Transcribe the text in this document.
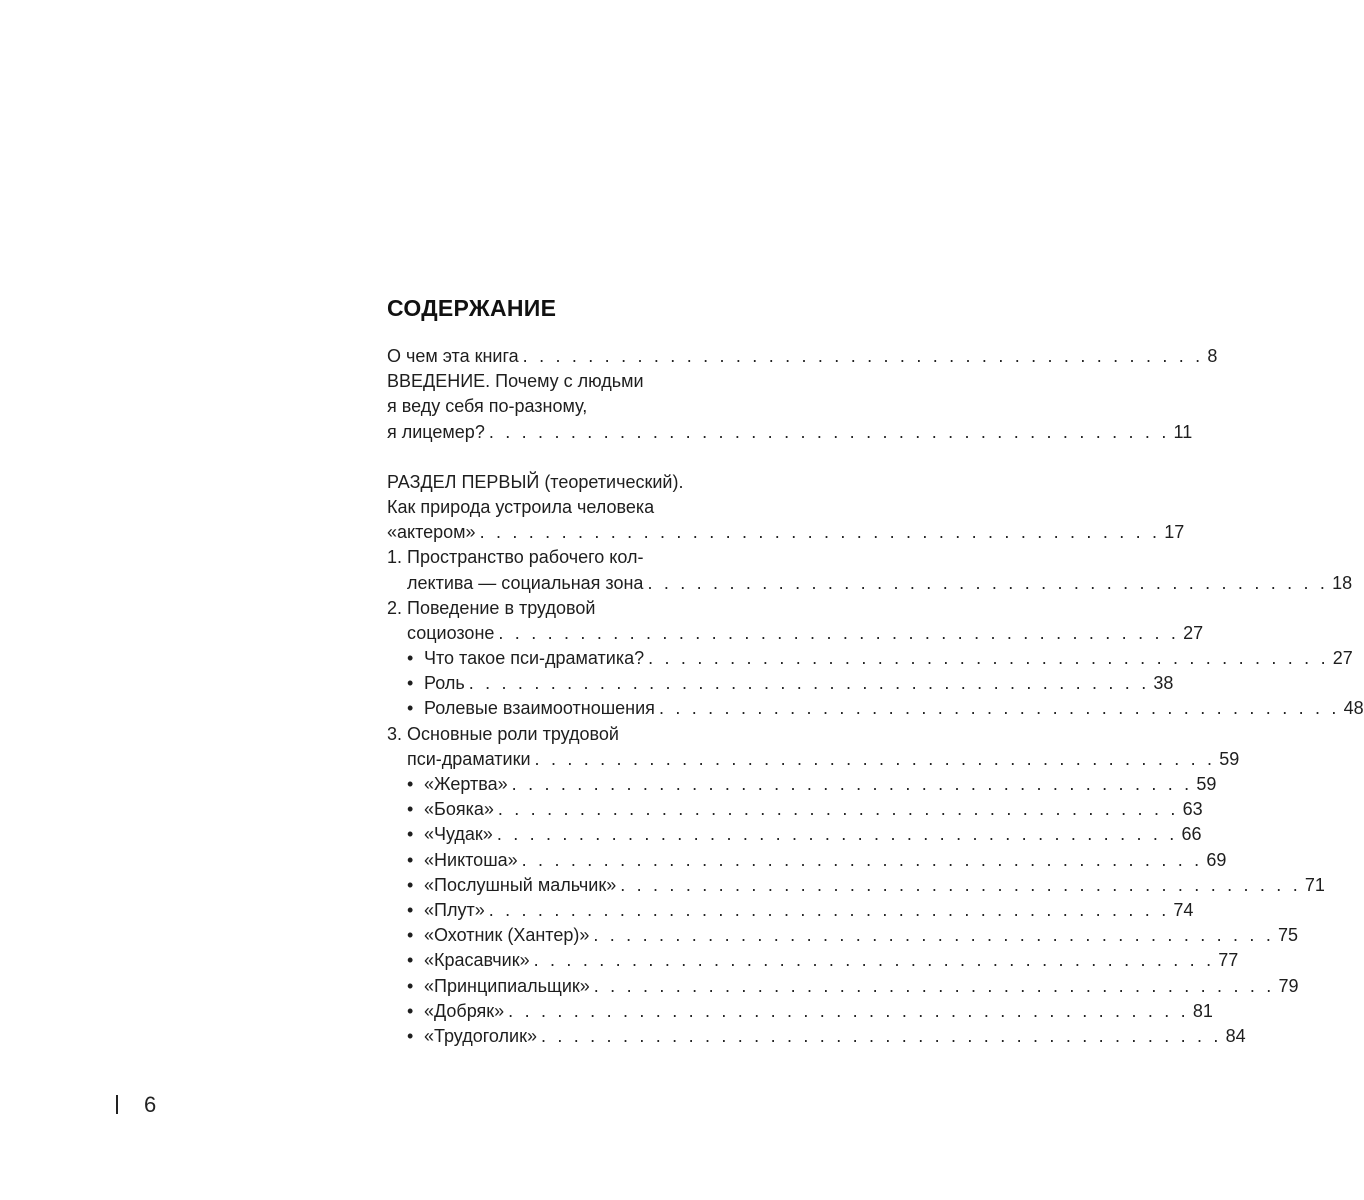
СОДЕРЖАНИЕ
О чем эта книга . . . . . . . . . . . . . . . . . . . . . . . . . . . . . . . . . . . . . . . . . . 8
ВВЕДЕНИЕ. Почему с людьми
я веду себя по-разному,
я лицемер? . . . . . . . . . . . . . . . . . . . . . . . . . . . . . . . . . . . . . . . . . . 11
РАЗДЕЛ ПЕРВЫЙ (теоретический).
Как природа устроила человека
«актером» . . . . . . . . . . . . . . . . . . . . . . . . . . . . . . . . . . . . . . . . . . 17
1. Пространство рабочего кол-
лектива — социальная зона . . . . . . . . . . . . . . . . . . . . . . . . . . . . . . . . . . . . . . . . . . 18
2. Поведение в трудовой
социозоне . . . . . . . . . . . . . . . . . . . . . . . . . . . . . . . . . . . . . . . . . . 27
• Что такое пси-драматика? . . . . . . . . . . . . . . . . . . . . . . . . . . . . . . . . . . . . . . . . . . 27
• Роль . . . . . . . . . . . . . . . . . . . . . . . . . . . . . . . . . . . . . . . . . . 38
• Ролевые взаимоотношения . . . . . . . . . . . . . . . . . . . . . . . . . . . . . . . . . . . . . . . . . . 48
3. Основные роли трудовой
пси-драматики . . . . . . . . . . . . . . . . . . . . . . . . . . . . . . . . . . . . . . . . . . 59
• «Жертва» . . . . . . . . . . . . . . . . . . . . . . . . . . . . . . . . . . . . . . . . . . 59
• «Бояка» . . . . . . . . . . . . . . . . . . . . . . . . . . . . . . . . . . . . . . . . . . 63
• «Чудак» . . . . . . . . . . . . . . . . . . . . . . . . . . . . . . . . . . . . . . . . . . 66
• «Никтоша» . . . . . . . . . . . . . . . . . . . . . . . . . . . . . . . . . . . . . . . . . . 69
• «Послушный мальчик» . . . . . . . . . . . . . . . . . . . . . . . . . . . . . . . . . . . . . . . . . . 71
• «Плут» . . . . . . . . . . . . . . . . . . . . . . . . . . . . . . . . . . . . . . . . . . 74
• «Охотник (Хантер)» . . . . . . . . . . . . . . . . . . . . . . . . . . . . . . . . . . . . . . . . . . 75
• «Красавчик» . . . . . . . . . . . . . . . . . . . . . . . . . . . . . . . . . . . . . . . . . . 77
• «Принципиальщик» . . . . . . . . . . . . . . . . . . . . . . . . . . . . . . . . . . . . . . . . . . 79
• «Добряк» . . . . . . . . . . . . . . . . . . . . . . . . . . . . . . . . . . . . . . . . . . 81
• «Трудоголик» . . . . . . . . . . . . . . . . . . . . . . . . . . . . . . . . . . . . . . . . . . 84
6
